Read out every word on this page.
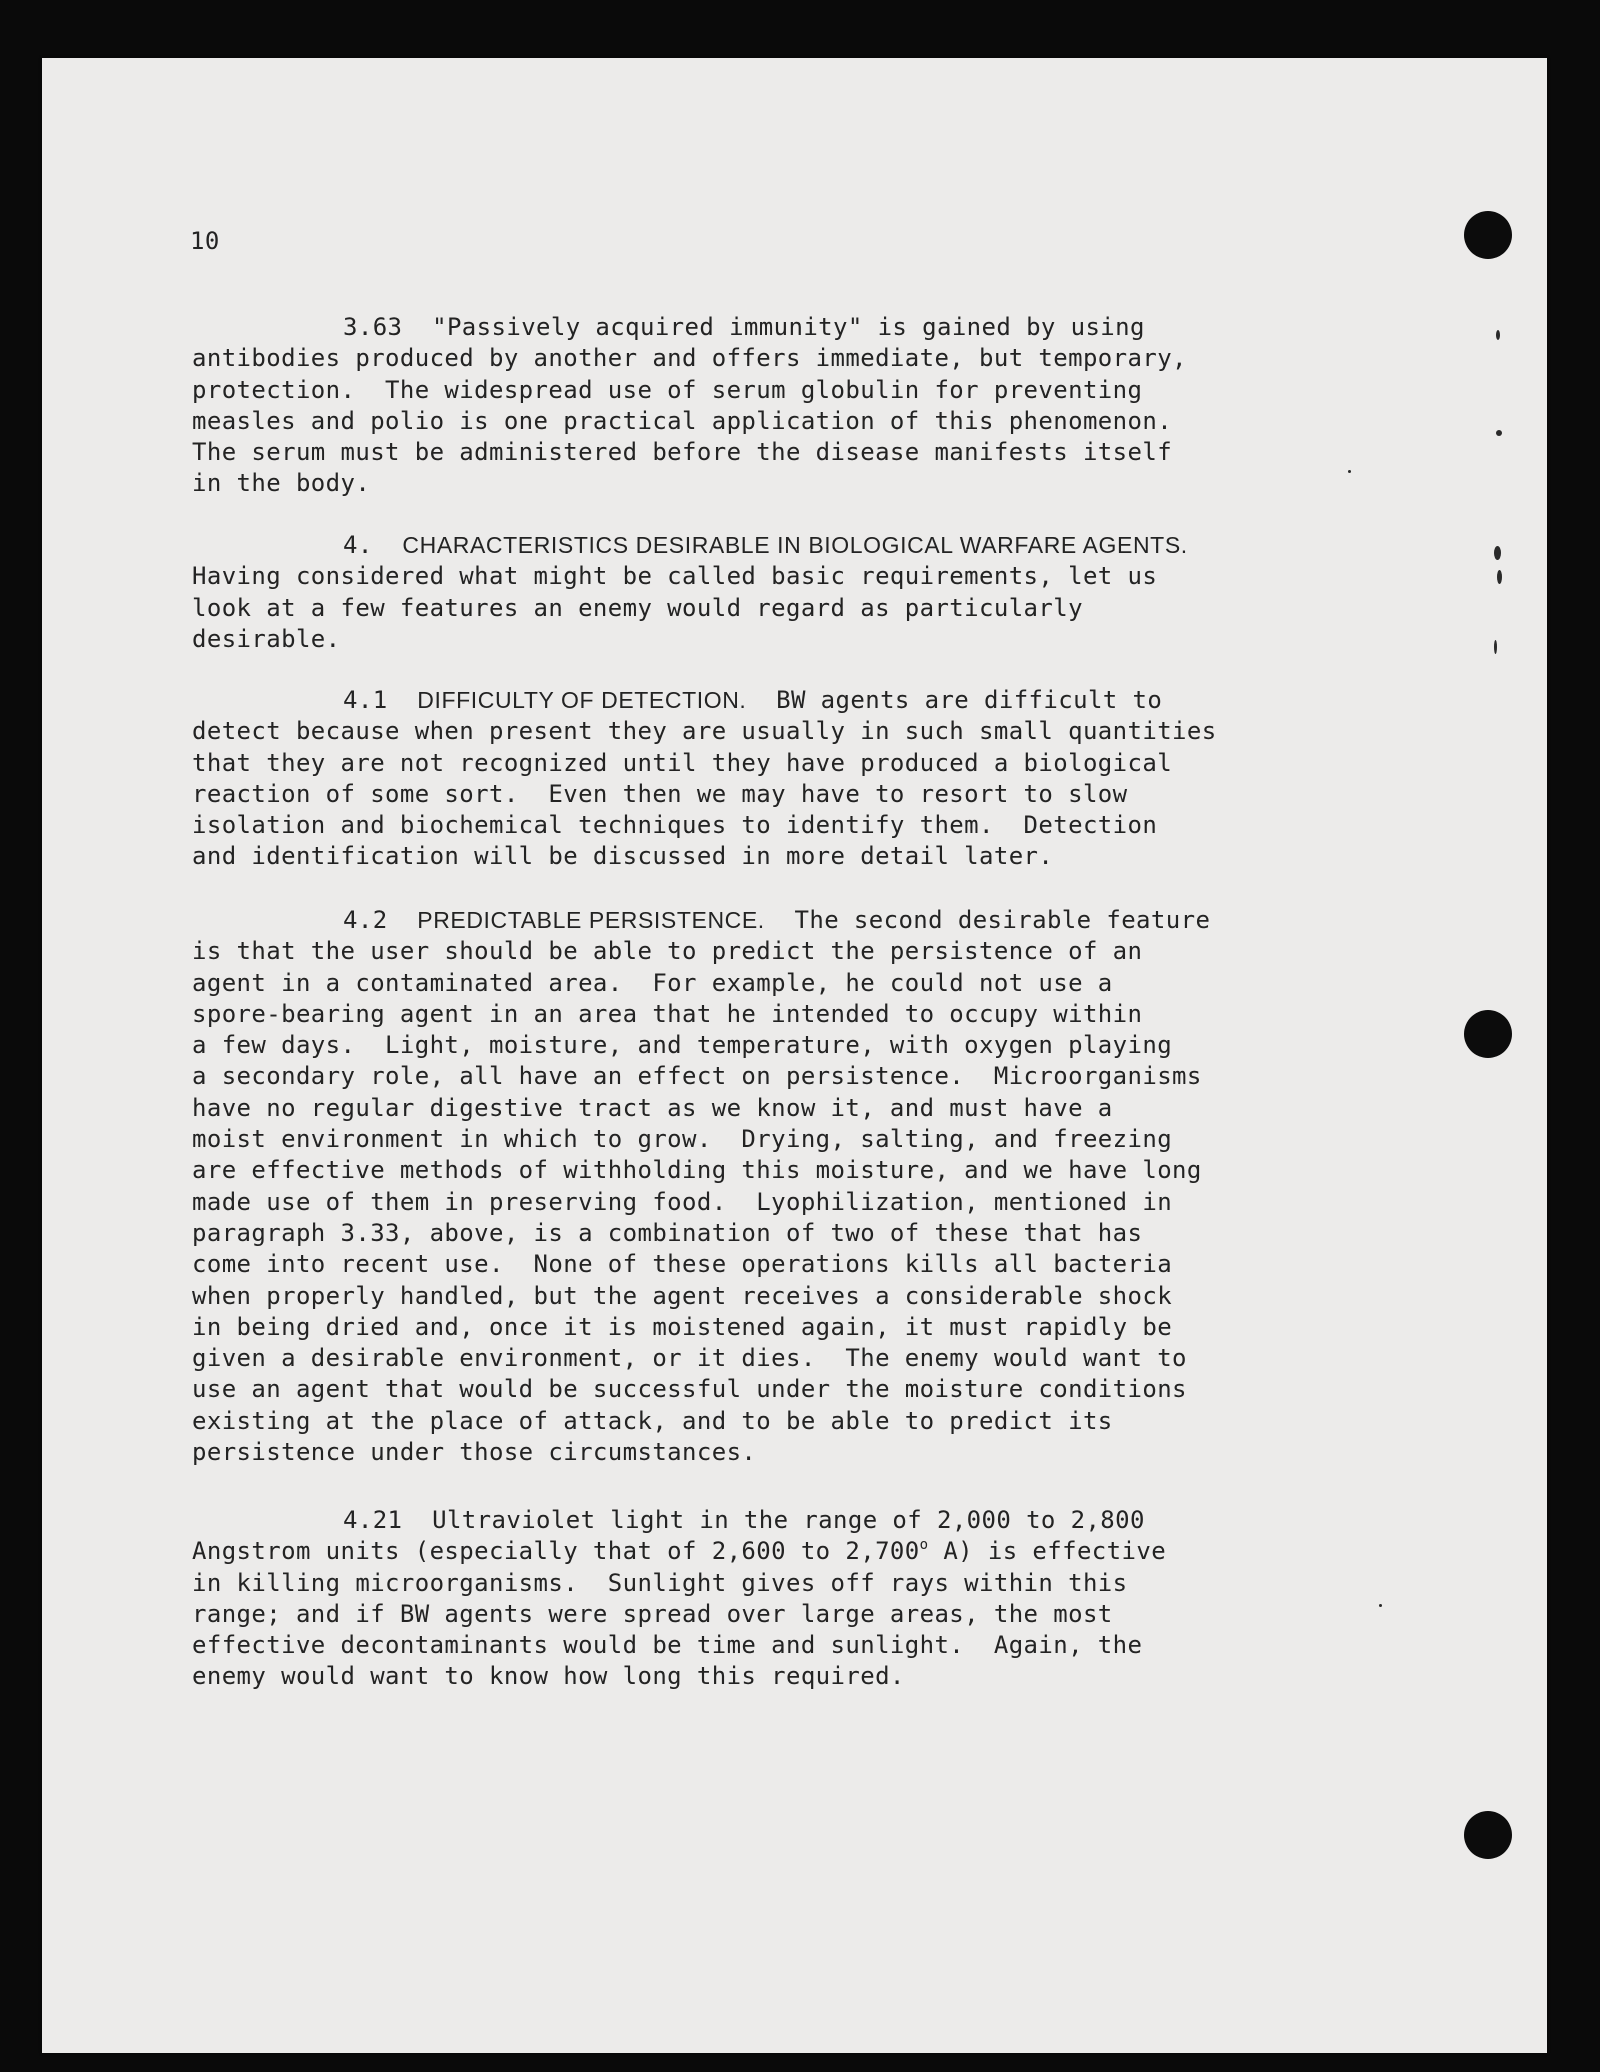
10
3.63  "Passively acquired immunity" is gained by using
antibodies produced by another and offers immediate, but temporary,
protection.  The widespread use of serum globulin for preventing
measles and polio is one practical application of this phenomenon.
The serum must be administered before the disease manifests itself
in the body.
4.  CHARACTERISTICS DESIRABLE IN BIOLOGICAL WARFARE AGENTS.
Having considered what might be called basic requirements, let us
look at a few features an enemy would regard as particularly
desirable.
4.1  DIFFICULTY OF DETECTION.  BW agents are difficult to
detect because when present they are usually in such small quantities
that they are not recognized until they have produced a biological
reaction of some sort.  Even then we may have to resort to slow
isolation and biochemical techniques to identify them.  Detection
and identification will be discussed in more detail later.
4.2  PREDICTABLE PERSISTENCE.  The second desirable feature
is that the user should be able to predict the persistence of an
agent in a contaminated area.  For example, he could not use a
spore-bearing agent in an area that he intended to occupy within
a few days.  Light, moisture, and temperature, with oxygen playing
a secondary role, all have an effect on persistence.  Microorganisms
have no regular digestive tract as we know it, and must have a
moist environment in which to grow.  Drying, salting, and freezing
are effective methods of withholding this moisture, and we have long
made use of them in preserving food.  Lyophilization, mentioned in
paragraph 3.33, above, is a combination of two of these that has
come into recent use.  None of these operations kills all bacteria
when properly handled, but the agent receives a considerable shock
in being dried and, once it is moistened again, it must rapidly be
given a desirable environment, or it dies.  The enemy would want to
use an agent that would be successful under the moisture conditions
existing at the place of attack, and to be able to predict its
persistence under those circumstances.
4.21  Ultraviolet light in the range of 2,000 to 2,800
Angstrom units (especially that of 2,600 to 2,700$^o$ A) is effective
in killing microorganisms.  Sunlight gives off rays within this
range; and if BW agents were spread over large areas, the most
effective decontaminants would be time and sunlight.  Again, the
enemy would want to know how long this required.
